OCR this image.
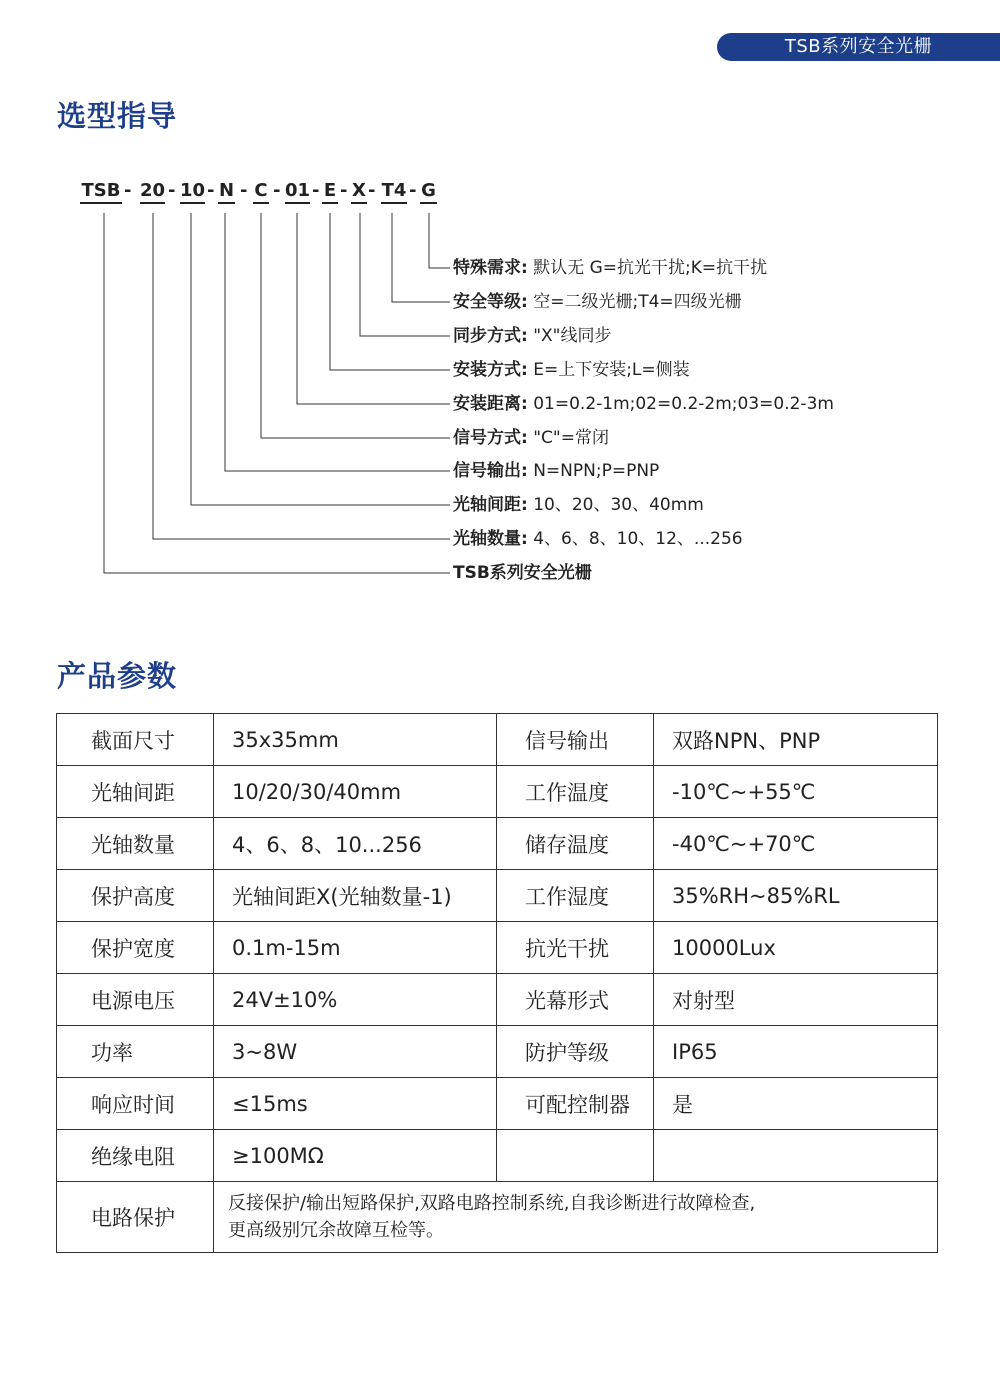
TSB系列安全光栅
选型指导
TSB - 20 - 10 - N - C - 01 - E - X - T4 - G
特殊需求: 默认无 G=抗光干扰;K=抗干扰
安全等级: 空=二级光栅;T4=四级光栅
同步方式: "X"线同步
安装方式: E=上下安装;L=侧装
安装距离: 01=0.2-1m;02=0.2-2m;03=0.2-3m
信号方式: "C"=常闭
信号输出: N=NPN;P=PNP
光轴间距: 10、20、30、40mm
光轴数量: 4、6、8、10、12、...256
TSB系列安全光栅
产品参数
截面尺寸	35x35mm	信号输出	双路NPN、PNP
光轴间距	10/20/30/40mm	工作温度	-10℃~+55℃
光轴数量	4、6、8、10...256	储存温度	-40℃~+70℃
保护高度	光轴间距X(光轴数量-1)	工作湿度	35%RH~85%RL
保护宽度	0.1m-15m	抗光干扰	10000Lux
电源电压	24V±10%	光幕形式	对射型
功率	3~8W	防护等级	IP65
响应时间	≤15ms	可配控制器	是
绝缘电阻	≥100MΩ		
电路保护	反接保护/输出短路保护,双路电路控制系统,自我诊断进行故障检查,
更高级别冗余故障互检等。		
